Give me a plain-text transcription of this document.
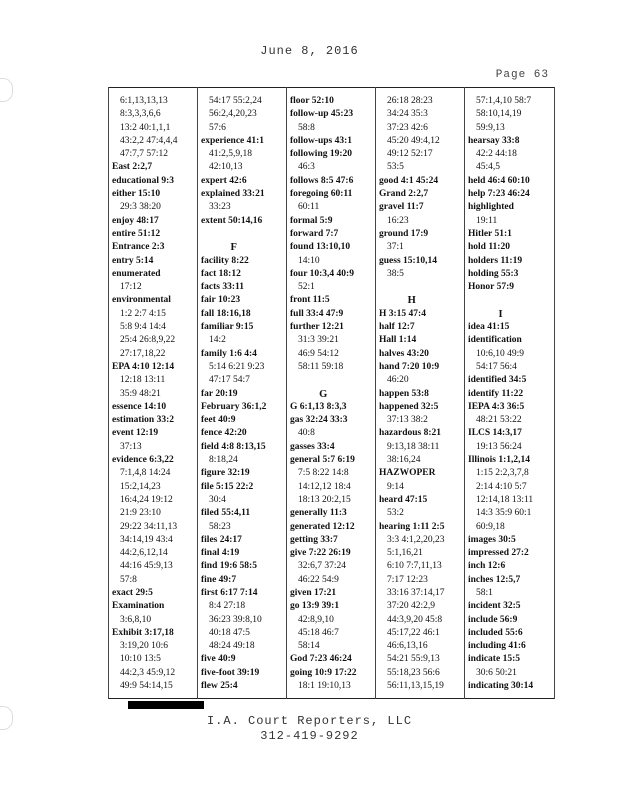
June 8, 2016
Page 63
6:1,13,13,13
8:3,3,3,6,6
13:2 40:1,1,1
43:2,2 47:4,4,4
47:7,7 57:12
East 2:2,7
educational 9:3
either 15:10
29:3 38:20
enjoy 48:17
entire 51:12
Entrance 2:3
entry 5:14
enumerated
17:12
environmental
1:2 2:7 4:15
5:8 9:4 14:4
25:4 26:8,9,22
27:17,18,22
EPA 4:10 12:14
12:18 13:11
35:9 48:21
essence 14:10
estimation 33:2
event 12:19
37:13
evidence 6:3,22
7:1,4,8 14:24
15:2,14,23
16:4,24 19:12
21:9 23:10
29:22 34:11,13
34:14,19 43:4
44:2,6,12,14
44:16 45:9,13
57:8
exact 29:5
Examination
3:6,8,10
Exhibit 3:17,18
3:19,20 10:6
10:10 13:5
44:2,3 45:9,12
49:9 54:14,15
54:17 55:2,24
56:2,4,20,23
57:6
experience 41:1
41:2,5,9,18
42:10,13
expert 42:6
explained 33:21
33:23
extent 50:14,16
F
facility 8:22
fact 18:12
facts 33:11
fair 10:23
fall 18:16,18
familiar 9:15
14:2
family 1:6 4:4
5:14 6:21 9:23
47:17 54:7
far 20:19
February 36:1,2
feet 40:9
fence 42:20
field 4:8 8:13,15
8:18,24
figure 32:19
file 5:15 22:2
30:4
filed 55:4,11
58:23
files 24:17
final 4:19
find 19:6 58:5
fine 49:7
first 6:17 7:14
8:4 27:18
36:23 39:8,10
40:18 47:5
48:24 49:18
five 40:9
five-foot 39:19
flew 25:4
floor 52:10
follow-up 45:23
58:8
follow-ups 43:1
following 19:20
46:3
follows 8:5 47:6
foregoing 60:11
60:11
formal 5:9
forward 7:7
found 13:10,10
14:10
four 10:3,4 40:9
52:1
front 11:5
full 33:4 47:9
further 12:21
31:3 39:21
46:9 54:12
58:11 59:18
G
G 6:1,13 8:3,3
gas 32:24 33:3
40:8
gasses 33:4
general 5:7 6:19
7:5 8:22 14:8
14:12,12 18:4
18:13 20:2,15
generally 11:3
generated 12:12
getting 33:7
give 7:22 26:19
32:6,7 37:24
46:22 54:9
given 17:21
go 13:9 39:1
42:8,9,10
45:18 46:7
58:14
God 7:23 46:24
going 10:9 17:22
18:1 19:10,13
26:18 28:23
34:24 35:3
37:23 42:6
45:20 49:4,12
49:12 52:17
53:5
good 4:1 45:24
Grand 2:2,7
gravel 11:7
16:23
ground 17:9
37:1
guess 15:10,14
38:5
H
H 3:15 47:4
half 12:7
Hall 1:14
halves 43:20
hand 7:20 10:9
46:20
happen 53:8
happened 32:5
37:13 38:2
hazardous 8:21
9:13,18 38:11
38:16,24
HAZWOPER
9:14
heard 47:15
53:2
hearing 1:11 2:5
3:3 4:1,2,20,23
5:1,16,21
6:10 7:7,11,13
7:17 12:23
33:16 37:14,17
37:20 42:2,9
44:3,9,20 45:8
45:17,22 46:1
46:6,13,16
54:21 55:9,13
55:18,23 56:6
56:11,13,15,19
57:1,4,10 58:7
58:10,14,19
59:9,13
hearsay 33:8
42:2 44:18
45:4,5
held 46:4 60:10
help 7:23 46:24
highlighted
19:11
Hitler 51:1
hold 11:20
holders 11:19
holding 55:3
Honor 57:9
I
idea 41:15
identification
10:6,10 49:9
54:17 56:4
identified 34:5
identify 11:22
IEPA 4:3 36:5
48:21 53:22
ILCS 14:3,17
19:13 56:24
Illinois 1:1,2,14
1:15 2:2,3,7,8
2:14 4:10 5:7
12:14,18 13:11
14:3 35:9 60:1
60:9,18
images 30:5
impressed 27:2
inch 12:6
inches 12:5,7
58:1
incident 32:5
include 56:9
included 55:6
including 41:6
indicate 15:5
30:6 50:21
indicating 30:14
I.A. Court Reporters, LLC
312-419-9292
